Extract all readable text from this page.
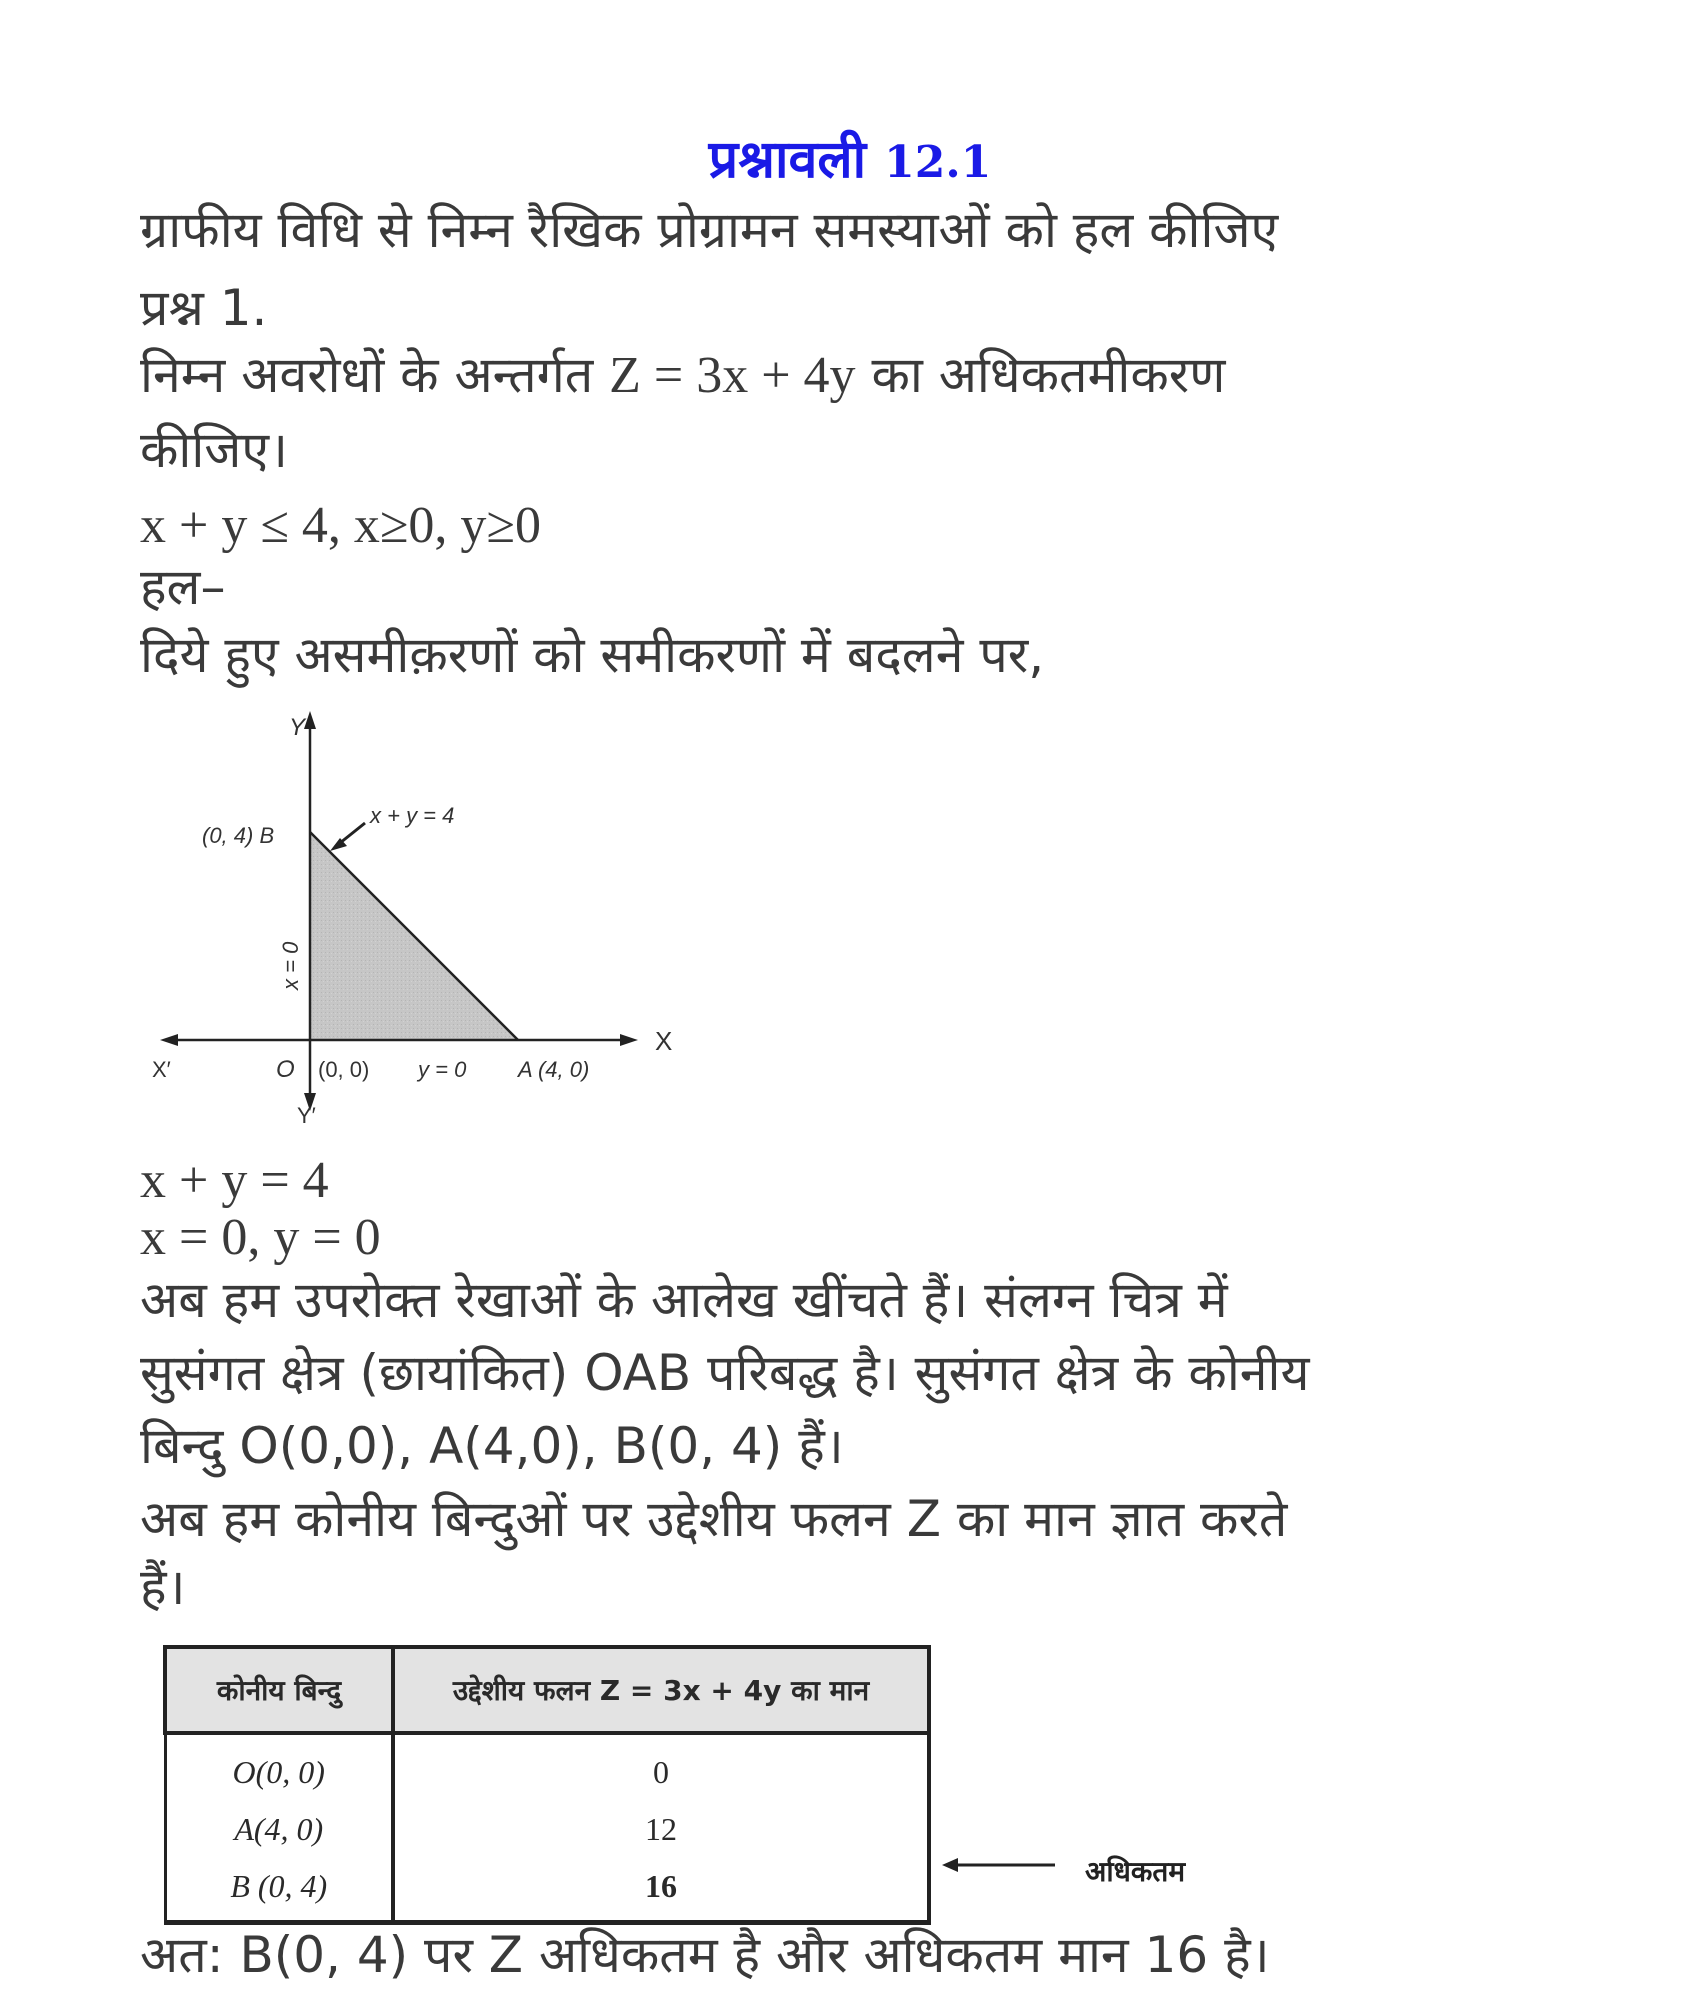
प्रश्नावली 12.1
ग्राफीय विधि से निम्न रैखिक प्रोग्रामन समस्याओं को हल कीजिए
प्रश्न 1.
निम्न अवरोधों के अन्तर्गत Z = 3x + 4y का अधिकतमीकरण
कीजिए।
x + y ≤ 4, x≥0, y≥0
हल–
दिये हुए असमीक़रणों को समीकरणों में बदलने पर,
Y
X
X′
Y′
(0, 4) B
x + y = 4
O (0, 0) y = 0 A (4, 0)
x = 0
x + y = 4
x = 0, y = 0
अब हम उपरोक्त रेखाओं के आलेख खींचते हैं। संलग्न चित्र में
सुसंगत क्षेत्र (छायांकित) OAB परिबद्ध है। सुसंगत क्षेत्र के कोनीय
बिन्दु O(0,0), A(4,0), B(0, 4) हैं।
अब हम कोनीय बिन्दुओं पर उद्देशीय फलन Z का मान ज्ञात करते
हैं।
कोनीय बिन्दु	उद्देशीय फलन Z = 3x + 4y का मान
O(0, 0)	0
A(4, 0)	12
B (0, 4)	16	अधिकतम
अत: B(0, 4) पर Z अधिकतम है और अधिकतम मान 16 है।
